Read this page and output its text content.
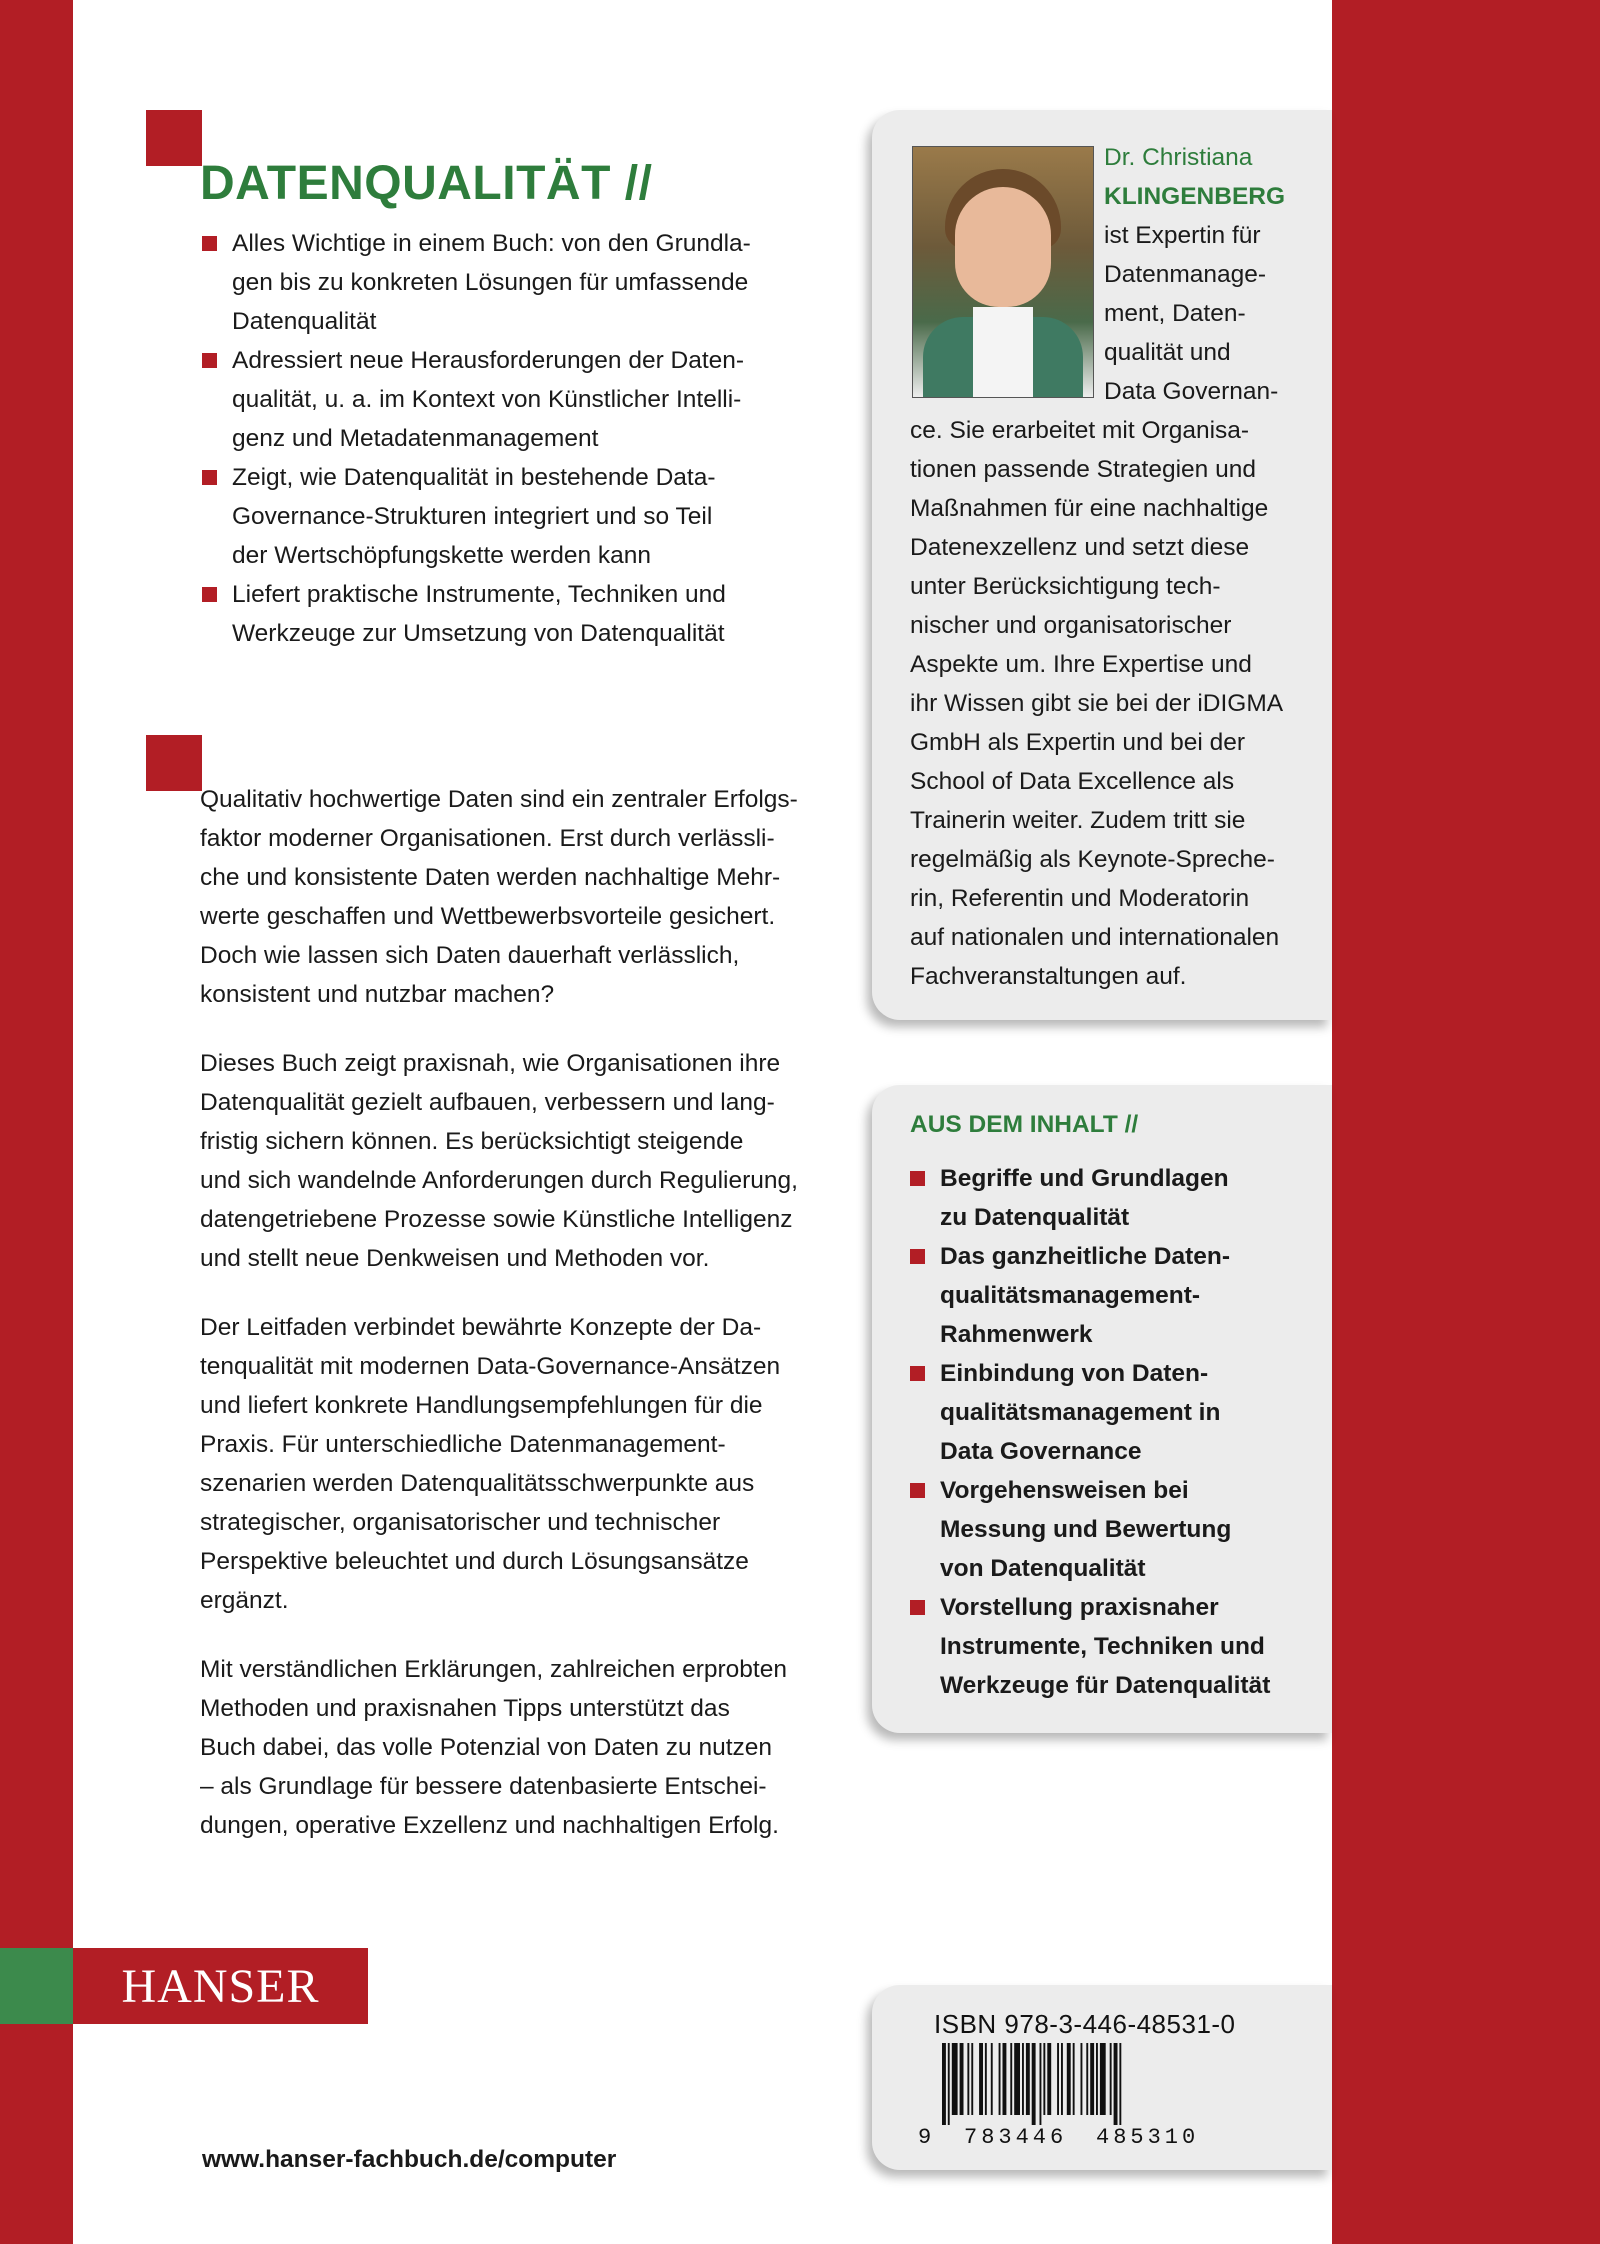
DATENQUALITÄT //
Alles Wichtige in einem Buch: von den Grundla-
gen bis zu konkreten Lösungen für umfassende
Datenqualität
Adressiert neue Herausforderungen der Daten-
qualität, u. a. im Kontext von Künstlicher Intelli-
genz und Metadatenmanagement
Zeigt, wie Datenqualität in bestehende Data-
Governance-Strukturen integriert und so Teil
der Wertschöpfungskette werden kann
Liefert praktische Instrumente, Techniken und
Werkzeuge zur Umsetzung von Datenqualität

Qualitativ hochwertige Daten sind ein zentraler Erfolgs-
faktor moderner Organisationen. Erst durch verlässli-
che und konsistente Daten werden nachhaltige Mehr-
werte geschaffen und Wettbewerbsvorteile gesichert.
Doch wie lassen sich Daten dauerhaft verlässlich,
konsistent und nutzbar machen?

Dieses Buch zeigt praxisnah, wie Organisationen ihre
Datenqualität gezielt aufbauen, verbessern und lang-
fristig sichern können. Es berücksichtigt steigende
und sich wandelnde Anforderungen durch Regulierung,
datengetriebene Prozesse sowie Künstliche Intelligenz
und stellt neue Denkweisen und Methoden vor.

Der Leitfaden verbindet bewährte Konzepte der Da-
tenqualität mit modernen Data-Governance-Ansätzen
und liefert konkrete Handlungsempfehlungen für die
Praxis. Für unterschiedliche Datenmanagement-
szenarien werden Datenqualitätsschwerpunkte aus
strategischer, organisatorischer und technischer
Perspektive beleuchtet und durch Lösungsansätze
ergänzt.

Mit verständlichen Erklärungen, zahlreichen erprobten
Methoden und praxisnahen Tipps unterstützt das
Buch dabei, das volle Potenzial von Daten zu nutzen
– als Grundlage für bessere datenbasierte Entschei-
dungen, operative Exzellenz und nachhaltigen Erfolg.

Dr. Christiana
KLINGENBERG
ist Expertin für
Datenmanage-
ment, Daten-
qualität und
Data Governan-
ce. Sie erarbeitet mit Organisa-
tionen passende Strategien und
Maßnahmen für eine nachhaltige
Datenexzellenz und setzt diese
unter Berücksichtigung tech-
nischer und organisatorischer
Aspekte um. Ihre Expertise und
ihr Wissen gibt sie bei der iDIGMA
GmbH als Expertin und bei der
School of Data Excellence als
Trainerin weiter. Zudem tritt sie
regelmäßig als Keynote-Spreche-
rin, Referentin und Moderatorin
auf nationalen und internationalen
Fachveranstaltungen auf.
AUS DEM INHALT //
Begriffe und Grundlagen
zu Datenqualität
Das ganzheitliche Daten-
qualitätsmanagement-
Rahmenwerk
Einbindung von Daten-
qualitätsmanagement in
Data Governance
Vorgehensweisen bei
Messung und Bewertung
von Datenqualität
Vorstellung praxisnaher
Instrumente, Techniken und
Werkzeuge für Datenqualität
ISBN 978-3-446-48531-0
9 783446 485310
HANSER

www.hanser-fachbuch.de/computer
